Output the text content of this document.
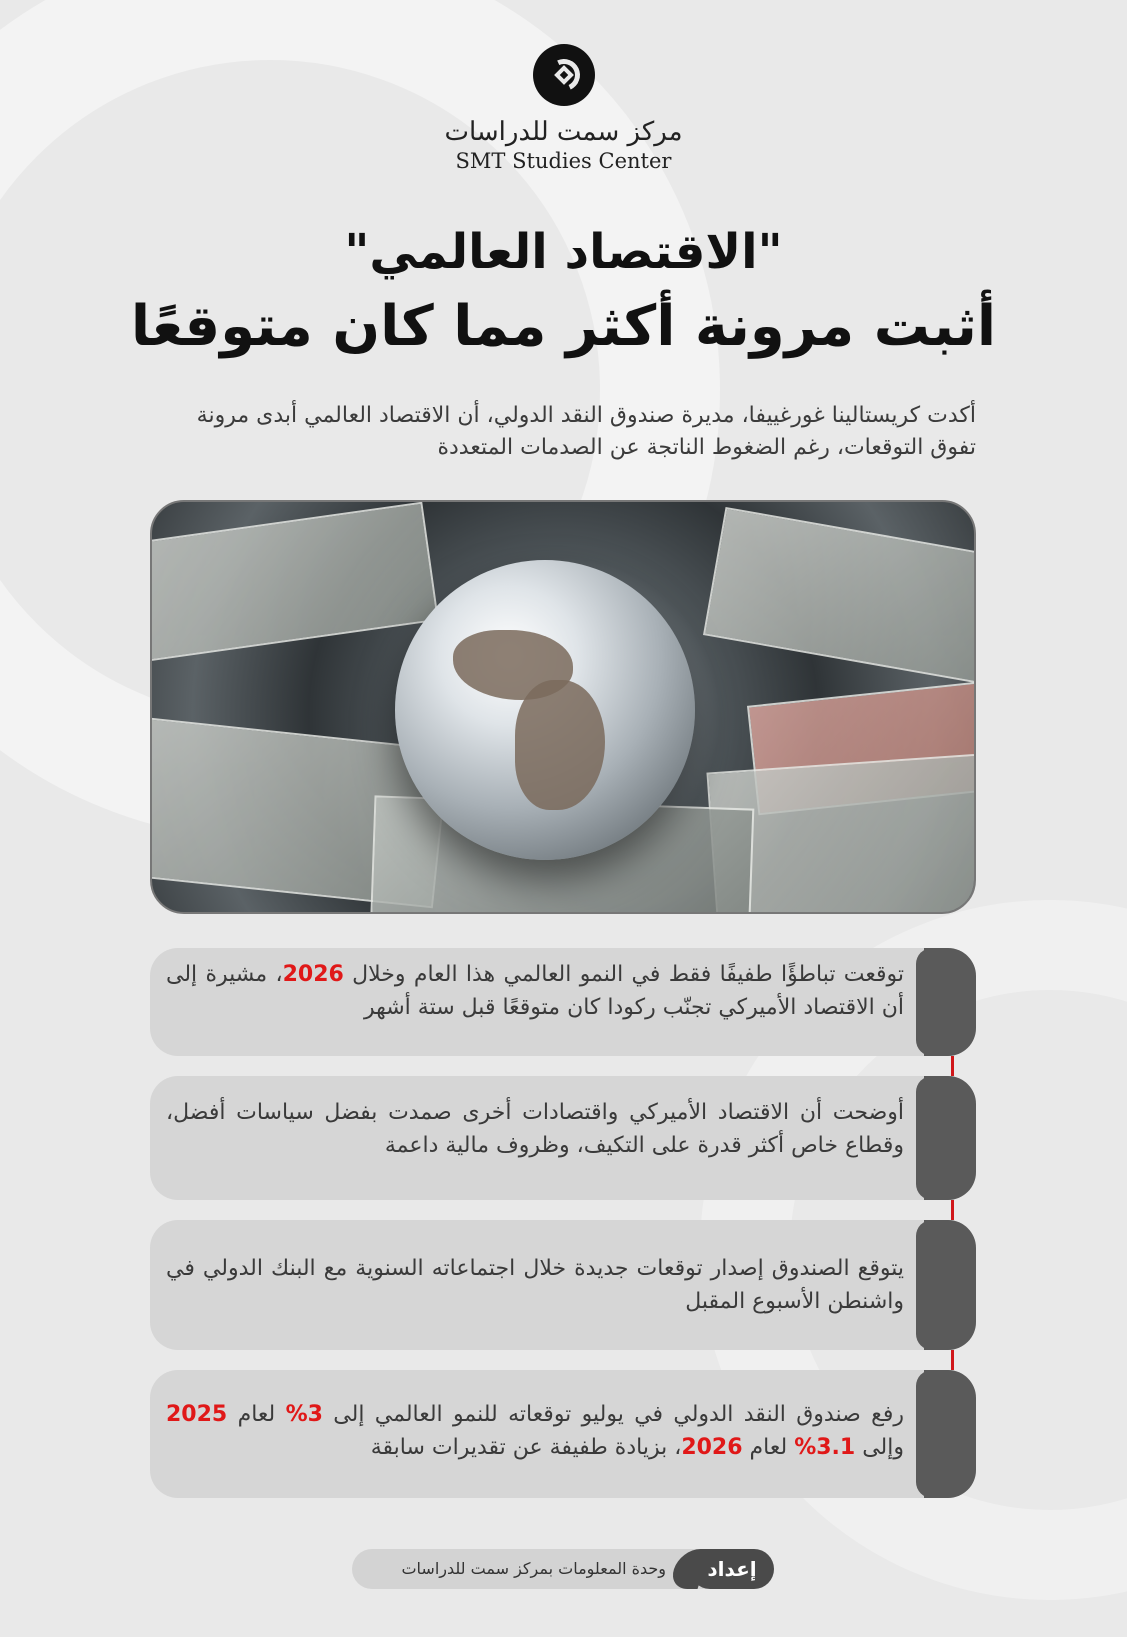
مركز سمت للدراسات
SMT Studies Center
"الاقتصاد العالمي"
أثبت مرونة أكثر مما كان متوقعًا
أكدت كريستالينا غورغييفا، مديرة صندوق النقد الدولي، أن الاقتصاد العالمي أبدى مرونة تفوق التوقعات، رغم الضغوط الناتجة عن الصدمات المتعددة
توقعت تباطؤًا طفيفًا فقط في النمو العالمي هذا العام وخلال 2026، مشيرة إلى أن الاقتصاد الأميركي تجنّب ركودا كان متوقعًا قبل ستة أشهر
أوضحت أن الاقتصاد الأميركي واقتصادات أخرى صمدت بفضل سياسات أفضل، وقطاع خاص أكثر قدرة على التكيف، وظروف مالية داعمة
يتوقع الصندوق إصدار توقعات جديدة خلال اجتماعاته السنوية مع البنك الدولي في واشنطن الأسبوع المقبل
رفع صندوق النقد الدولي في يوليو توقعاته للنمو العالمي إلى 3% لعام 2025 وإلى 3.1% لعام 2026، بزيادة طفيفة عن تقديرات سابقة
إعداد
وحدة المعلومات بمركز سمت للدراسات
